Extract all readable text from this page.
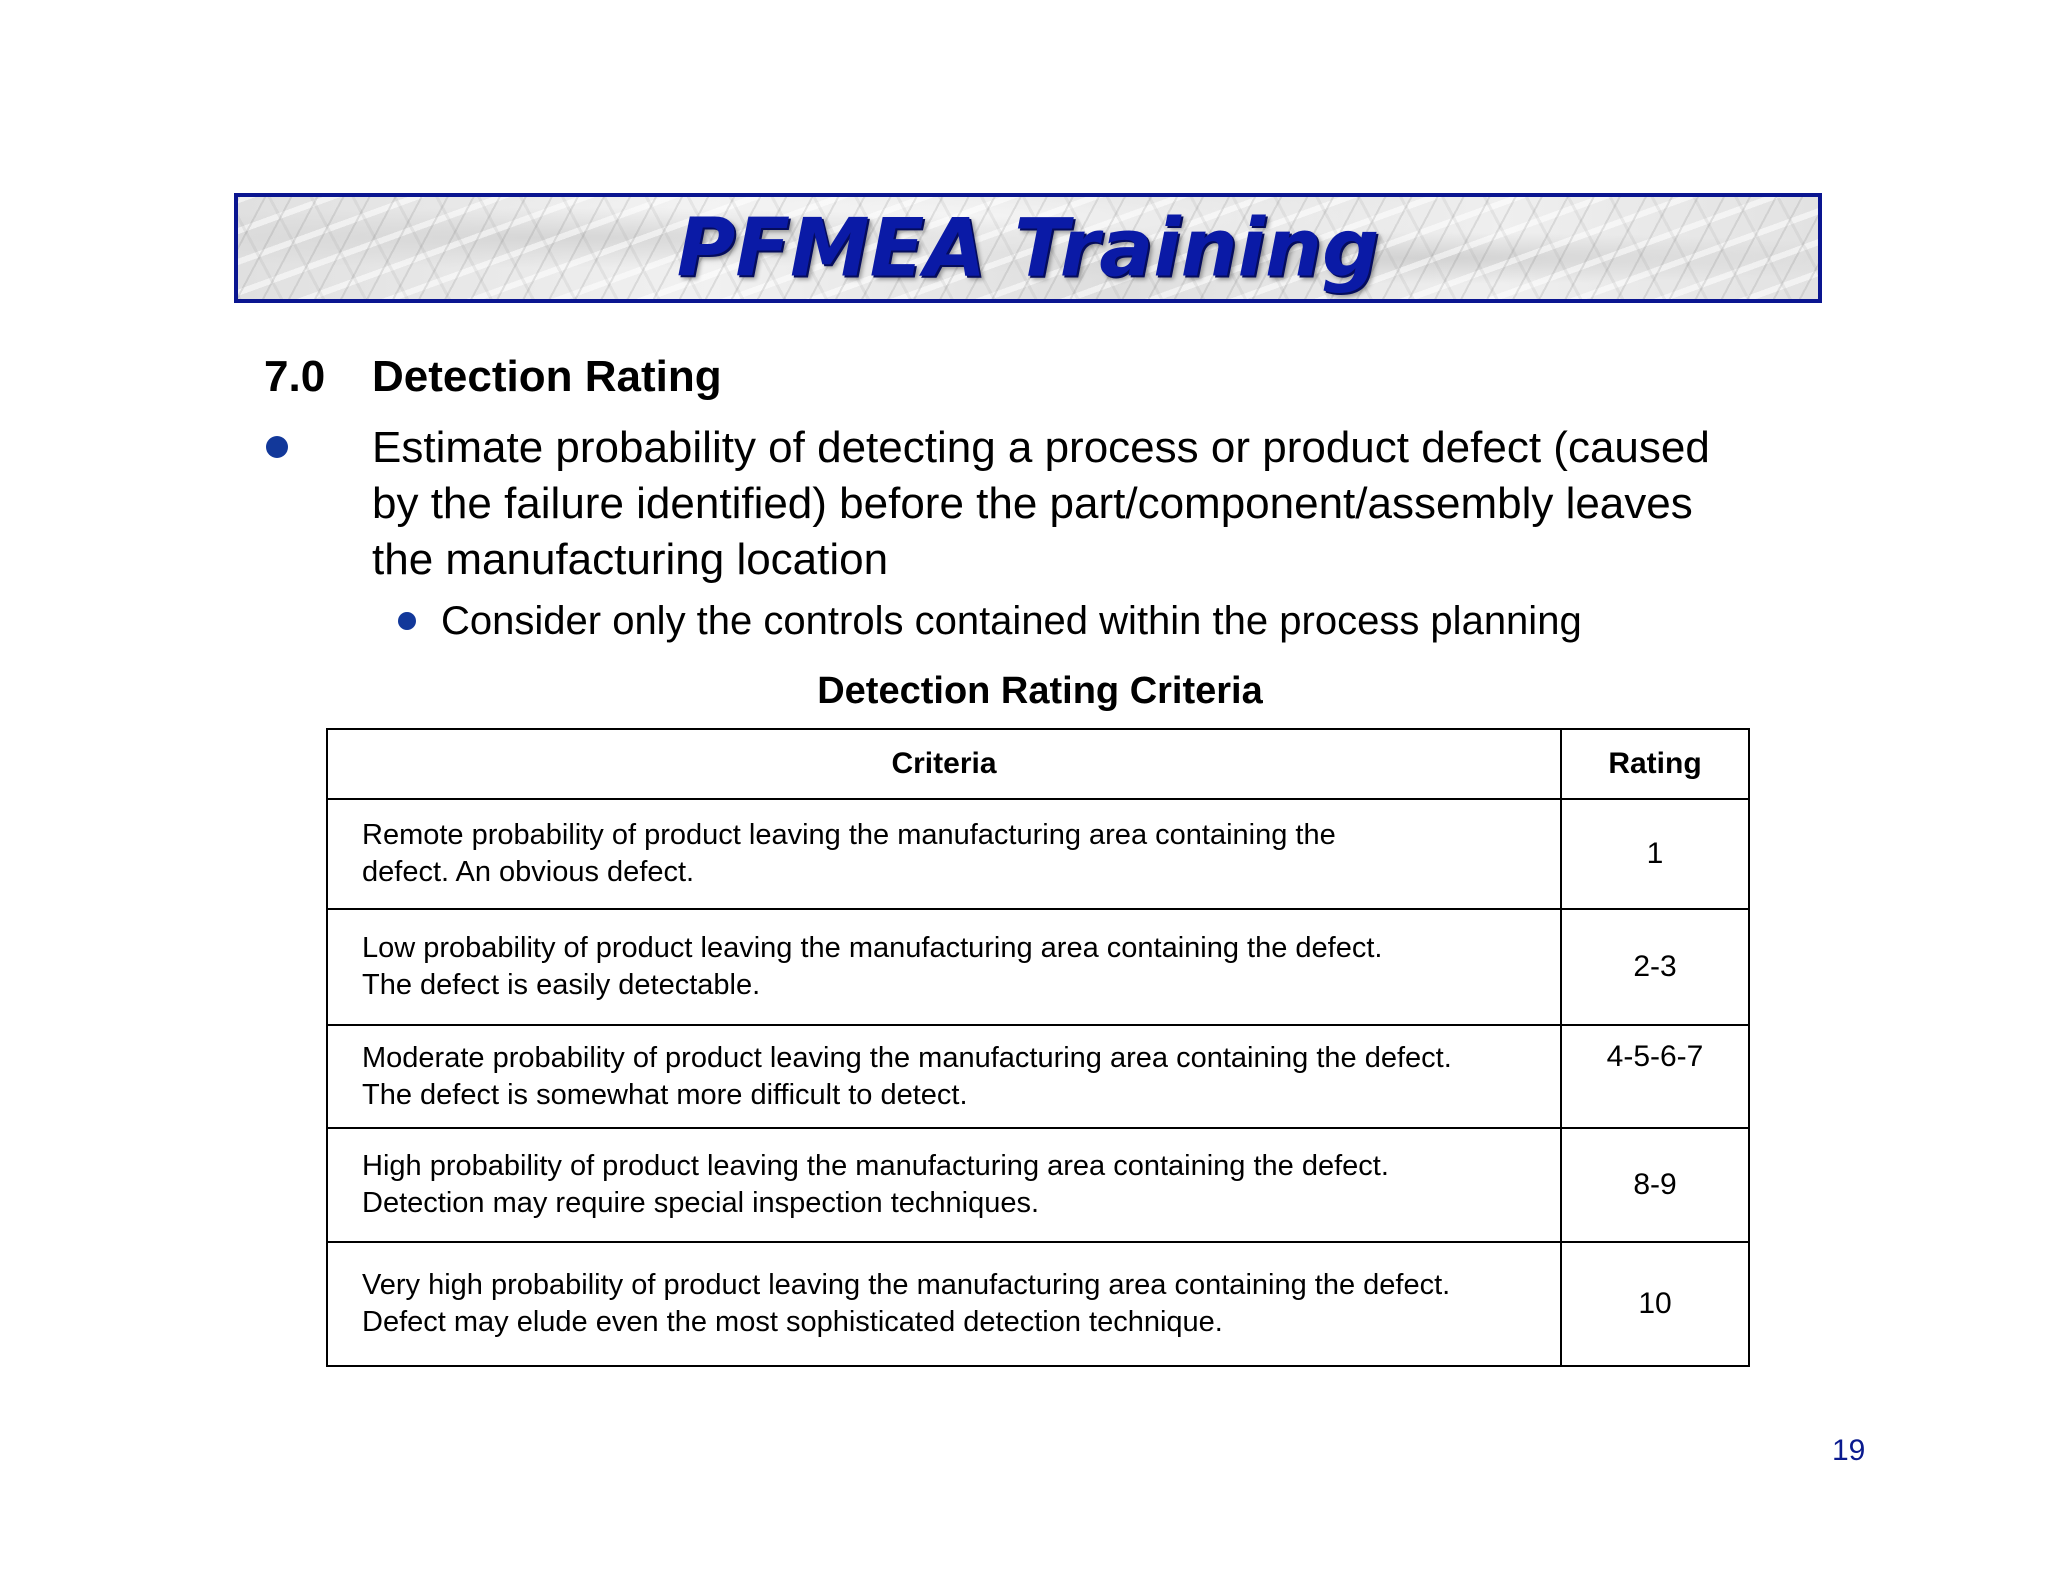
PFMEA Training
7.0 Detection Rating
Estimate probability of detecting a process or product defect (caused
by the failure identified) before the part/component/assembly leaves
the manufacturing location
Consider only the controls contained within the process planning
Detection Rating Criteria
Criteria	Rating
Remote probability of product leaving the manufacturing area containing the
defect. An obvious defect.	1
Low probability of product leaving the manufacturing area containing the defect.
The defect is easily detectable.	2-3
Moderate probability of product leaving the manufacturing area containing the defect.
The defect is somewhat more difficult to detect.	4-5-6-7
High probability of product leaving the manufacturing area containing the defect.
Detection may require special inspection techniques.	8-9
Very high probability of product leaving the manufacturing area containing the defect.
Defect may elude even the most sophisticated detection technique.	10
19
